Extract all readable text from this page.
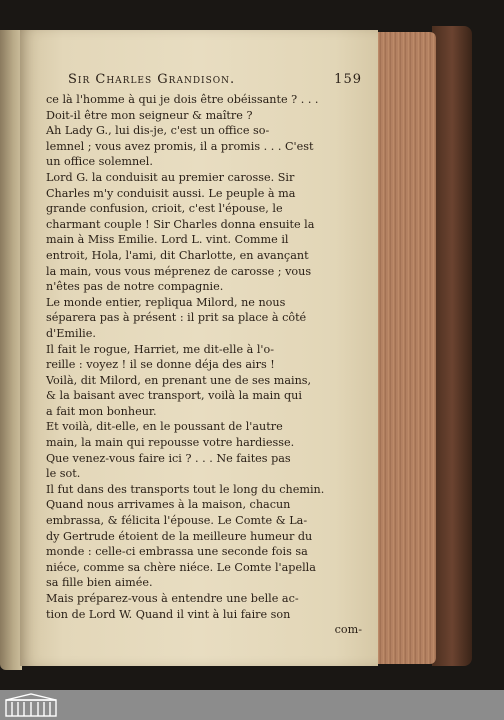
Sir Charles Grandison.	159
ce là l'homme à qui je dois être obéissante ? . . .
Doit-il être mon seigneur & maître ?
Ah Lady G., lui dis-je, c'est un office so-
lemnel ; vous avez promis, il a promis . . . C'est
un office solemnel.
Lord G. la conduisit au premier carosse. Sir
Charles m'y conduisit aussi. Le peuple à ma
grande confusion, crioit, c'est l'épouse, le
charmant couple ! Sir Charles donna ensuite la
main à Miss Emilie. Lord L. vint. Comme il
entroit, Hola, l'ami, dit Charlotte, en avançant
la main, vous vous méprenez de carosse ; vous
n'êtes pas de notre compagnie.
Le monde entier, repliqua Milord, ne nous
séparera pas à présent : il prit sa place à côté
d'Emilie.
Il fait le rogue, Harriet, me dit-elle à l'o-
reille : voyez ! il se donne déja des airs !
Voilà, dit Milord, en prenant une de ses mains,
& la baisant avec transport, voilà la main qui
a fait mon bonheur.
Et voilà, dit-elle, en le poussant de l'autre
main, la main qui repousse votre hardiesse.
Que venez-vous faire ici ? . . . Ne faites pas
le sot.
Il fut dans des transports tout le long du chemin.
Quand nous arrivames à la maison, chacun
embrassa, & félicita l'épouse. Le Comte & La-
dy Gertrude étoient de la meilleure humeur du
monde : celle-ci embrassa une seconde fois sa
niéce, comme sa chère niéce. Le Comte l'apella
sa fille bien aimée.
Mais préparez-vous à entendre une belle ac-
tion de Lord W. Quand il vint à lui faire son
com-
